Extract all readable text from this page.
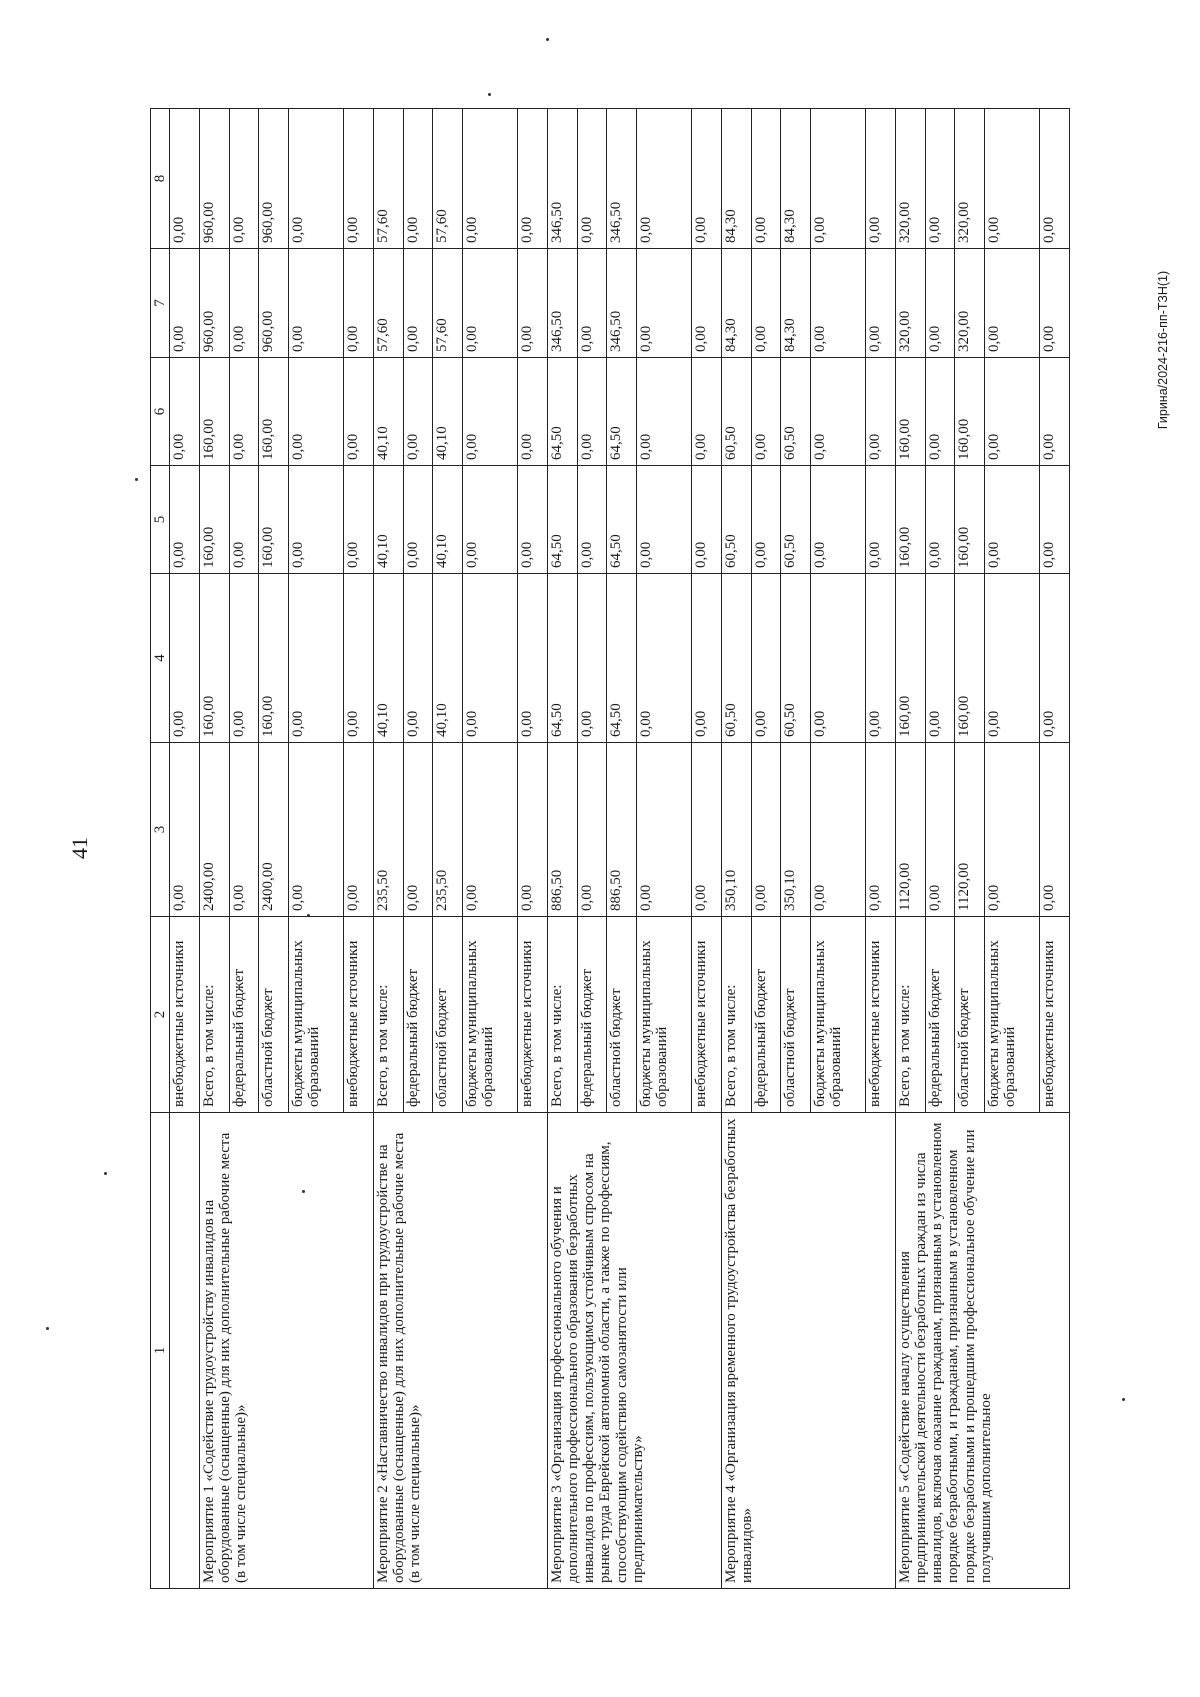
41
Гирина/2024-216-пп-ТЗН(1)
1	2	3	4	5	6	7	8
	внебюджетные источники	0,00	0,00	0,00	0,00	0,00	0,00
Мероприятие 1 «Содействие трудоустройству инвалидов на оборудованные (оснащенные) для них дополнительные рабочие места (в том числе специальные)»	Всего, в том числе:	2400,00	160,00	160,00	160,00	960,00	960,00
	федеральный бюджет	0,00	0,00	0,00	0,00	0,00	0,00
	областной бюджет	2400,00	160,00	160,00	160,00	960,00	960,00
	бюджеты муниципальных образований	0,00	0,00	0,00	0,00	0,00	0,00
	внебюджетные источники	0,00	0,00	0,00	0,00	0,00	0,00
Мероприятие 2 «Наставничество инвалидов при трудоустройстве на оборудованные (оснащенные) для них дополнительные рабочие места (в том числе специальные)»	Всего, в том числе:	235,50	40,10	40,10	40,10	57,60	57,60
	федеральный бюджет	0,00	0,00	0,00	0,00	0,00	0,00
	областной бюджет	235,50	40,10	40,10	40,10	57,60	57,60
	бюджеты муниципальных образований	0,00	0,00	0,00	0,00	0,00	0,00
	внебюджетные источники	0,00	0,00	0,00	0,00	0,00	0,00
Мероприятие 3 «Организация профессионального обучения и дополнительного профессионального образования безработных инвалидов по профессиям, пользующимся устойчивым спросом на рынке труда Еврейской автономной области, а также по профессиям, способствующим содействию самозанятости или предпринимательству»	Всего, в том числе:	886,50	64,50	64,50	64,50	346,50	346,50
	федеральный бюджет	0,00	0,00	0,00	0,00	0,00	0,00
	областной бюджет	886,50	64,50	64,50	64,50	346,50	346,50
	бюджеты муниципальных образований	0,00	0,00	0,00	0,00	0,00	0,00
	внебюджетные источники	0,00	0,00	0,00	0,00	0,00	0,00
Мероприятие 4 «Организация временного трудоустройства безработных инвалидов»	Всего, в том числе:	350,10	60,50	60,50	60,50	84,30	84,30
	федеральный бюджет	0,00	0,00	0,00	0,00	0,00	0,00
	областной бюджет	350,10	60,50	60,50	60,50	84,30	84,30
	бюджеты муниципальных образований	0,00	0,00	0,00	0,00	0,00	0,00
	внебюджетные источники	0,00	0,00	0,00	0,00	0,00	0,00
Мероприятие 5 «Содействие началу осуществления предпринимательской деятельности безработных граждан из числа инвалидов, включая оказание гражданам, признанным в установленном порядке безработными, и гражданам, признанным в установленном порядке безработными и прошедшим профессиональное обучение или получившим дополнительное	Всего, в том числе:	1120,00	160,00	160,00	160,00	320,00	320,00
	федеральный бюджет	0,00	0,00	0,00	0,00	0,00	0,00
	областной бюджет	1120,00	160,00	160,00	160,00	320,00	320,00
	бюджеты муниципальных образований	0,00	0,00	0,00	0,00	0,00	0,00
	внебюджетные источники	0,00	0,00	0,00	0,00	0,00	0,00
